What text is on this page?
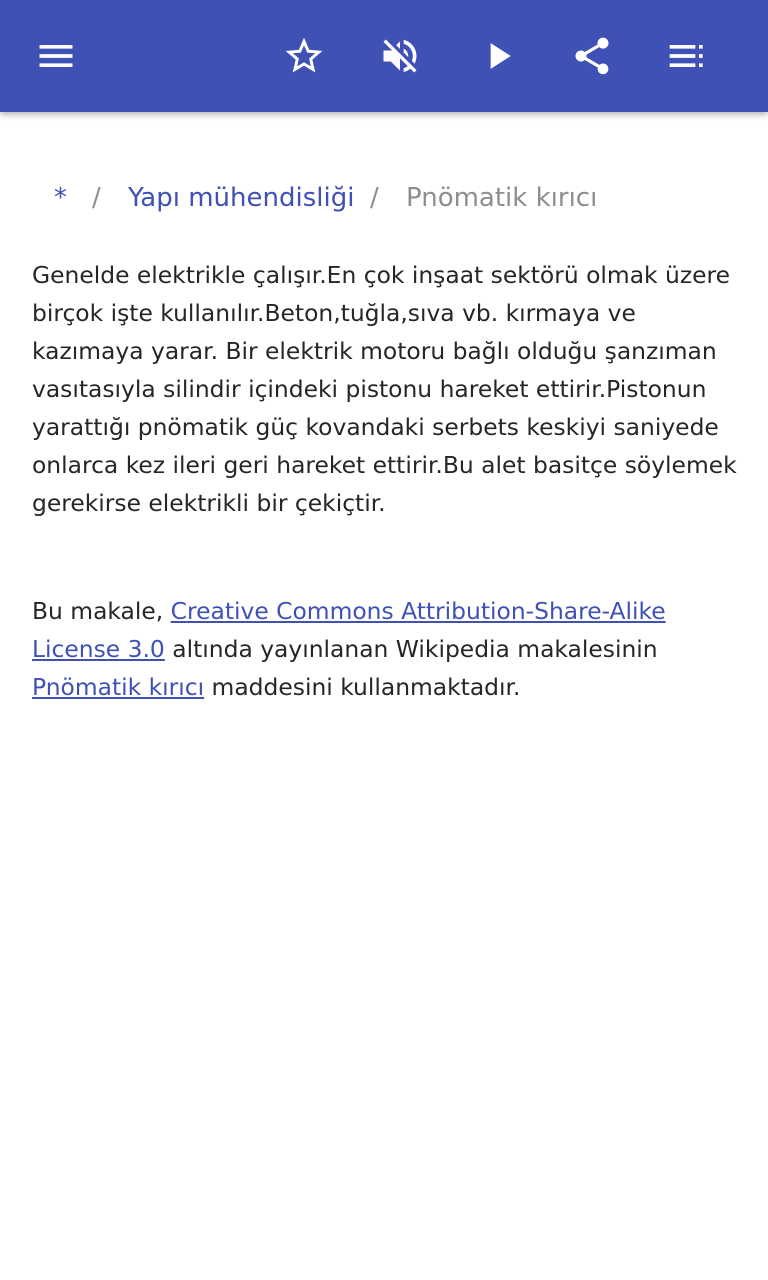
* / Yapı mühendisliği / Pnömatik kırıcı

Genelde elektrikle çalışır.En çok inşaat sektörü olmak üzere birçok işte kullanılır.Beton,tuğla,sıva vb. kırmaya ve kazımaya yarar. Bir elektrik motoru bağlı olduğu şanzıman vasıtasıyla silindir içindeki pistonu hareket ettirir.Pistonun yarattığı pnömatik güç kovandaki serbets keskiyi saniyede onlarca kez ileri geri hareket ettirir.Bu alet basitçe söylemek gerekirse elektrikli bir çekiçtir.

Bu makale, Creative Commons Attribution-Share-Alike License 3.0 altında yayınlanan Wikipedia makalesinin Pnömatik kırıcı maddesini kullanmaktadır.
